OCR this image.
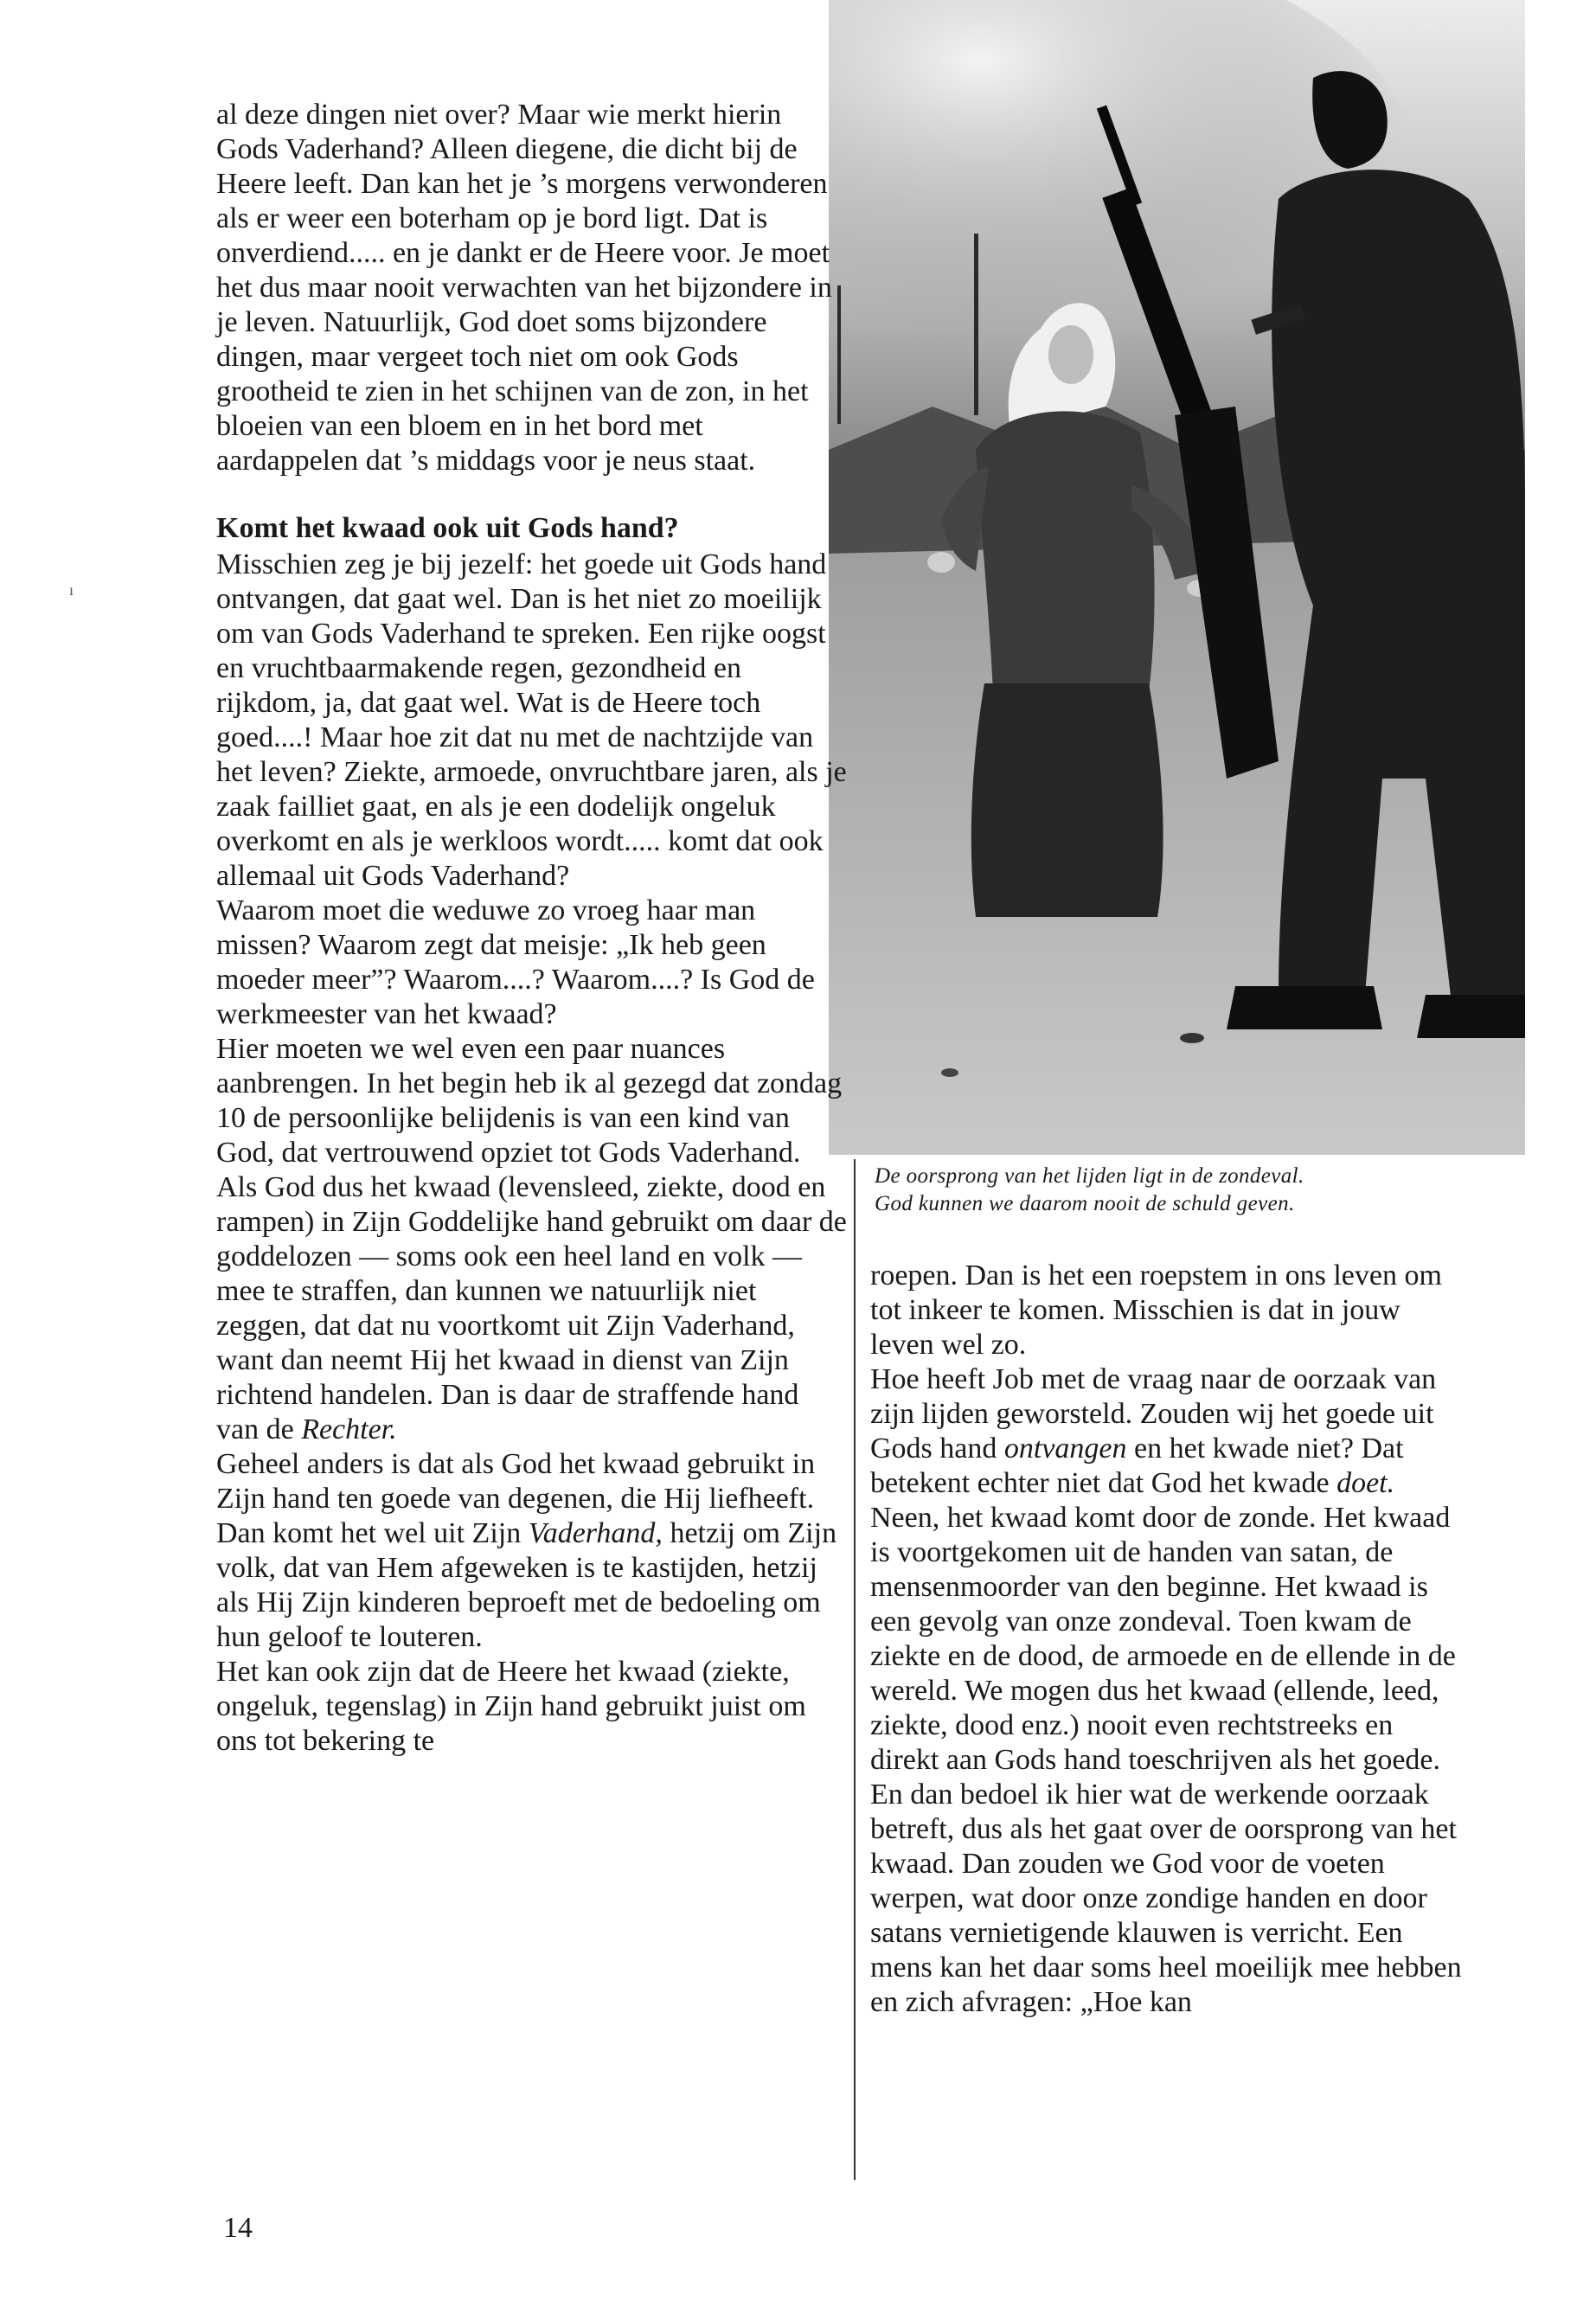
ı

al deze dingen niet over? Maar wie merkt hierin Gods Vaderhand? Alleen diegene, die dicht bij de Heere leeft. Dan kan het je ’s morgens verwonderen als er weer een boterham op je bord ligt. Dat is onverdiend..... en je dankt er de Heere voor. Je moet het dus maar nooit verwachten van het bijzondere in je leven. Natuurlijk, God doet soms bijzondere dingen, maar vergeet toch niet om ook Gods grootheid te zien in het schijnen van de zon, in het bloeien van een bloem en in het bord met aardappelen dat ’s middags voor je neus staat.

Komt het kwaad ook uit Gods hand?

Misschien zeg je bij jezelf: het goede uit Gods hand ontvangen, dat gaat wel. Dan is het niet zo moeilijk om van Gods Vaderhand te spreken. Een rijke oogst en vruchtbaarmakende regen, gezondheid en rijkdom, ja, dat gaat wel. Wat is de Heere toch goed....! Maar hoe zit dat nu met de nachtzijde van het leven? Ziekte, armoede, onvruchtbare jaren, als je zaak failliet gaat, en als je een dodelijk ongeluk overkomt en als je werkloos wordt..... komt dat ook allemaal uit Gods Vaderhand?

Waarom moet die weduwe zo vroeg haar man missen? Waarom zegt dat meisje: „Ik heb geen moeder meer”? Waarom....? Waarom....? Is God de werkmeester van het kwaad?

Hier moeten we wel even een paar nuances aanbrengen. In het begin heb ik al gezegd dat zondag 10 de persoonlijke belijdenis is van een kind van God, dat vertrouwend opziet tot Gods Vaderhand.

Als God dus het kwaad (levensleed, ziekte, dood en rampen) in Zijn Goddelijke hand gebruikt om daar de goddelozen — soms ook een heel land en volk — mee te straffen, dan kunnen we natuurlijk niet zeggen, dat dat nu voortkomt uit Zijn Vaderhand, want dan neemt Hij het kwaad in dienst van Zijn richtend handelen. Dan is daar de straffende hand van de Rechter.

Geheel anders is dat als God het kwaad gebruikt in Zijn hand ten goede van degenen, die Hij liefheeft. Dan komt het wel uit Zijn Vaderhand, hetzij om Zijn volk, dat van Hem afgeweken is te kastijden, hetzij als Hij Zijn kinderen beproeft met de bedoeling om hun geloof te louteren.

Het kan ook zijn dat de Heere het kwaad (ziekte, ongeluk, tegenslag) in Zijn hand gebruikt juist om ons tot bekering te

De oorsprong van het lijden ligt in de zondeval.
God kunnen we daarom nooit de schuld geven.

roepen. Dan is het een roepstem in ons leven om tot inkeer te komen. Misschien is dat in jouw leven wel zo.

Hoe heeft Job met de vraag naar de oorzaak van zijn lijden geworsteld. Zouden wij het goede uit Gods hand ontvangen en het kwade niet? Dat betekent echter niet dat God het kwade doet. Neen, het kwaad komt door de zonde. Het kwaad is voortgekomen uit de handen van satan, de mensenmoorder van den beginne. Het kwaad is een gevolg van onze zondeval. Toen kwam de ziekte en de dood, de armoede en de ellende in de wereld. We mogen dus het kwaad (ellende, leed, ziekte, dood enz.) nooit even rechtstreeks en direkt aan Gods hand toeschrijven als het goede. En dan bedoel ik hier wat de werkende oorzaak betreft, dus als het gaat over de oorsprong van het kwaad. Dan zouden we God voor de voeten werpen, wat door onze zondige handen en door satans vernietigende klauwen is verricht. Een mens kan het daar soms heel moeilijk mee hebben en zich afvragen: „Hoe kan

14
